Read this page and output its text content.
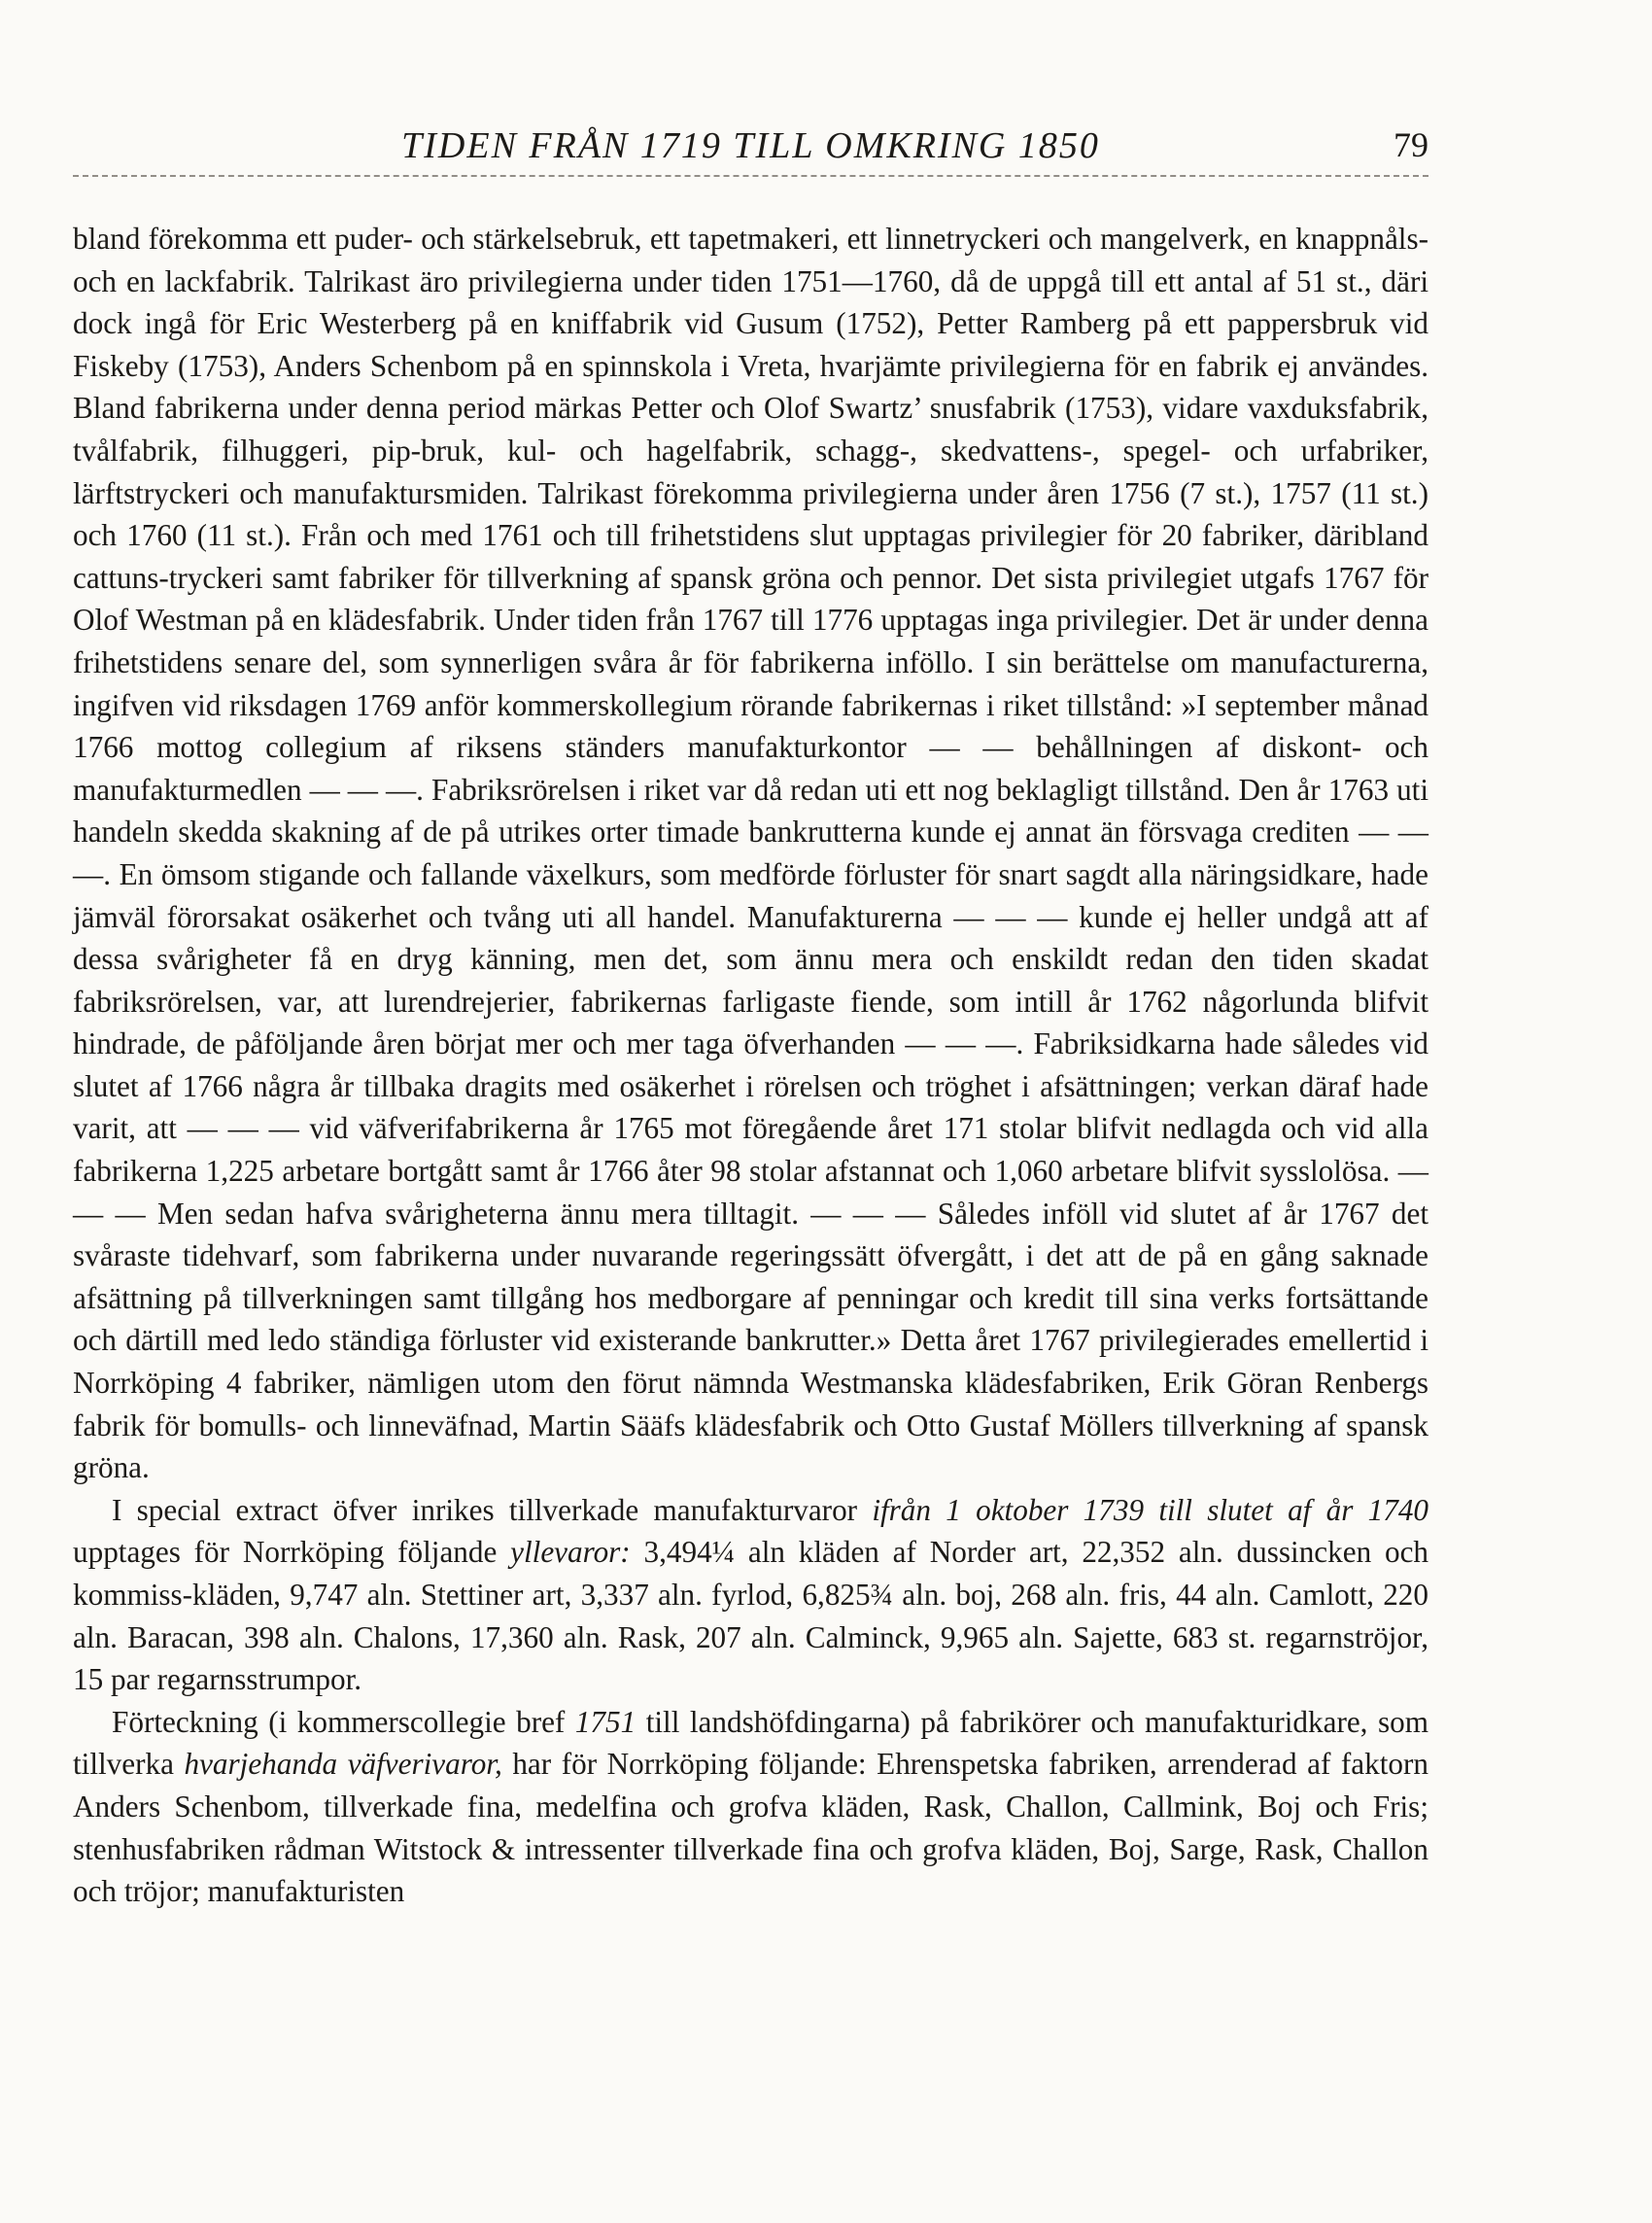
TIDEN FRÅN 1719 TILL OMKRING 1850	79

bland förekomma ett puder- och stärkelsebruk, ett tapetmakeri, ett linnetryckeri och mangelverk, en knappnåls- och en lackfabrik. Talrikast äro privilegierna under tiden 1751—1760, då de uppgå till ett antal af 51 st., däri dock ingå för Eric Westerberg på en kniffabrik vid Gusum (1752), Petter Ramberg på ett pappersbruk vid Fiskeby (1753), Anders Schenbom på en spinnskola i Vreta, hvarjämte privilegierna för en fabrik ej användes. Bland fabrikerna under denna period märkas Petter och Olof Swartz’ snusfabrik (1753), vidare vaxduksfabrik, tvålfabrik, filhuggeri, pip-bruk, kul- och hagelfabrik, schagg-, skedvattens-, spegel- och urfabriker, lärftstryckeri och manufaktursmiden. Talrikast förekomma privilegierna under åren 1756 (7 st.), 1757 (11 st.) och 1760 (11 st.). Från och med 1761 och till frihetstidens slut upptagas privilegier för 20 fabriker, däribland cattuns-tryckeri samt fabriker för tillverkning af spansk gröna och pennor. Det sista privilegiet utgafs 1767 för Olof Westman på en klädesfabrik. Under tiden från 1767 till 1776 upptagas inga privilegier. Det är under denna frihetstidens senare del, som synnerligen svåra år för fabrikerna inföllo. I sin berättelse om manufacturerna, ingifven vid riksdagen 1769 anför kommerskollegium rörande fabrikernas i riket tillstånd: »I september månad 1766 mottog collegium af riksens ständers manufakturkontor — — behållningen af diskont- och manufakturmedlen — — —. Fabriksrörelsen i riket var då redan uti ett nog beklagligt tillstånd. Den år 1763 uti handeln skedda skakning af de på utrikes orter timade bankrutterna kunde ej annat än försvaga crediten — — —. En ömsom stigande och fallande växelkurs, som medförde förluster för snart sagdt alla näringsidkare, hade jämväl förorsakat osäkerhet och tvång uti all handel. Manufakturerna — — — kunde ej heller undgå att af dessa svårigheter få en dryg känning, men det, som ännu mera och enskildt redan den tiden skadat fabriksrörelsen, var, att lurendrejerier, fabrikernas farligaste fiende, som intill år 1762 någorlunda blifvit hindrade, de påföljande åren börjat mer och mer taga öfverhanden — — —. Fabriksidkarna hade således vid slutet af 1766 några år tillbaka dragits med osäkerhet i rörelsen och tröghet i afsättningen; verkan däraf hade varit, att — — — vid väfverifabrikerna år 1765 mot föregående året 171 stolar blifvit nedlagda och vid alla fabrikerna 1,225 arbetare bortgått samt år 1766 åter 98 stolar afstannat och 1,060 arbetare blifvit sysslolösa. — — — Men sedan hafva svårigheterna ännu mera tilltagit. — — — Således inföll vid slutet af år 1767 det svåraste tidehvarf, som fabrikerna under nuvarande regeringssätt öfvergått, i det att de på en gång saknade afsättning på tillverkningen samt tillgång hos medborgare af penningar och kredit till sina verks fortsättande och därtill med ledo ständiga förluster vid existerande bankrutter.» Detta året 1767 privilegierades emellertid i Norrköping 4 fabriker, nämligen utom den förut nämnda Westmanska klädesfabriken, Erik Göran Renbergs fabrik för bomulls- och linneväfnad, Martin Sääfs klädesfabrik och Otto Gustaf Möllers tillverkning af spansk gröna.

I special extract öfver inrikes tillverkade manufakturvaror ifrån 1 oktober 1739 till slutet af år 1740 upptages för Norrköping följande yllevaror: 3,494¼ aln kläden af Norder art, 22,352 aln. dussincken och kommiss-kläden, 9,747 aln. Stettiner art, 3,337 aln. fyrlod, 6,825¾ aln. boj, 268 aln. fris, 44 aln. Camlott, 220 aln. Baracan, 398 aln. Chalons, 17,360 aln. Rask, 207 aln. Calminck, 9,965 aln. Sajette, 683 st. regarnströjor, 15 par regarnsstrumpor.

Förteckning (i kommerscollegie bref 1751 till landshöfdingarna) på fabrikörer och manufakturidkare, som tillverka hvarjehanda väfverivaror, har för Norrköping följande: Ehrenspetska fabriken, arrenderad af faktorn Anders Schenbom, tillverkade fina, medelfina och grofva kläden, Rask, Challon, Callmink, Boj och Fris; stenhusfabriken rådman Witstock & intressenter tillverkade fina och grofva kläden, Boj, Sarge, Rask, Challon och tröjor; manufakturisten
